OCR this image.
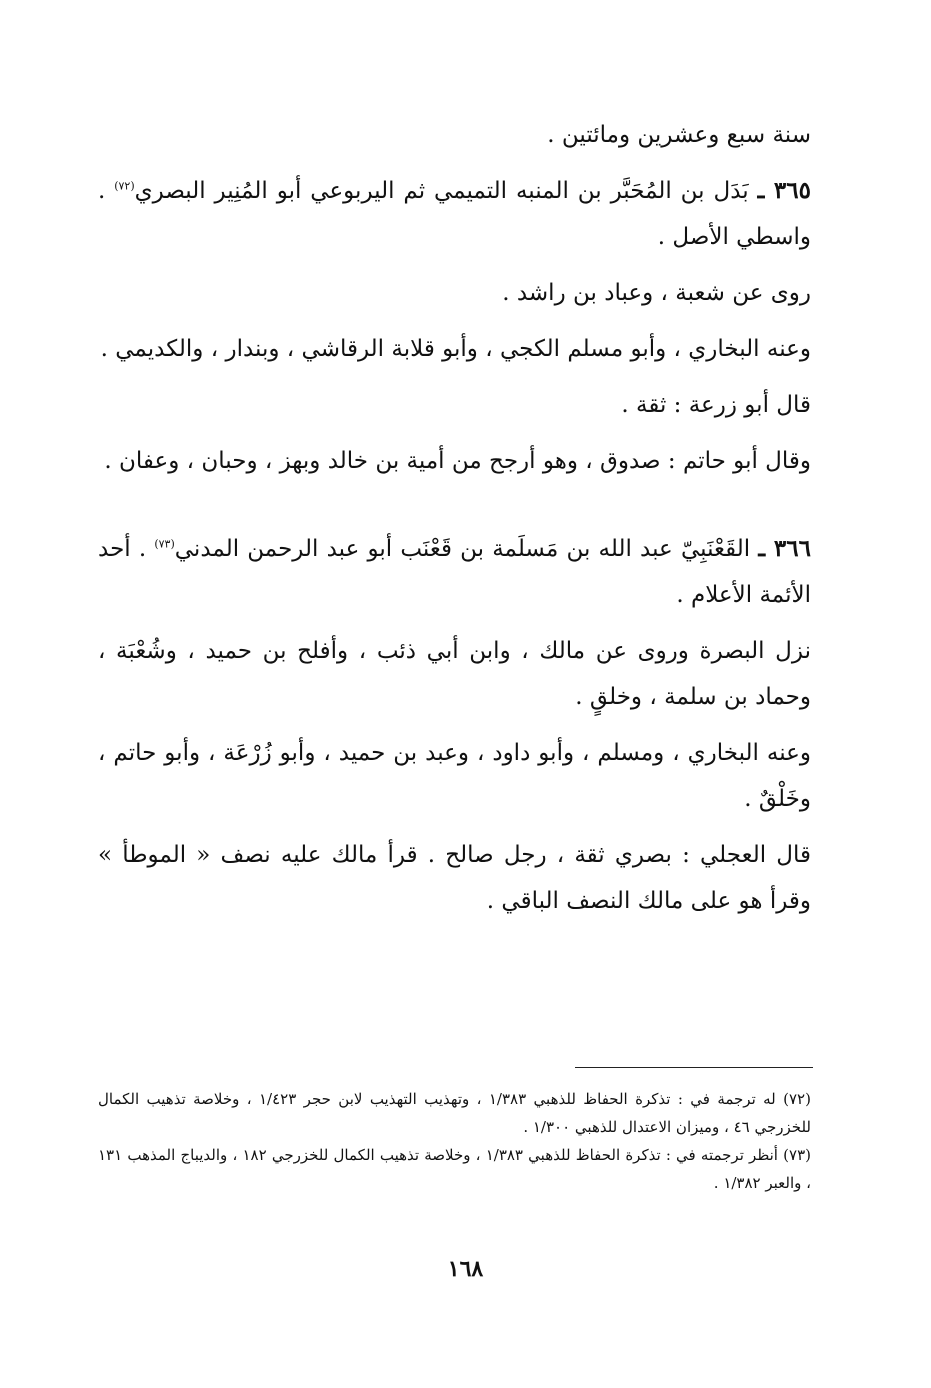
سنة سبع وعشرين ومائتين .

٣٦٥ ـ بَدَل بن المُحَبَّر بن المنبه التميمي ثم اليربوعي أبو المُنِير البصري$^{(٧٢)}$ . واسطي الأصل .

روى عن شعبة ، وعباد بن راشد .

وعنه البخاري ، وأبو مسلم الكجي ، وأبو قلابة الرقاشي ، وبندار ، والكديمي .

قال أبو زرعة : ثقة .

وقال أبو حاتم : صدوق ، وهو أرجح من أمية بن خالد وبهز ، وحبان ، وعفان .

٣٦٦ ـ القَعْنَبِيّ عبد الله بن مَسلَمة بن قَعْنَب أبو عبد الرحمن المدني$^{(٧٣)}$ . أحد الأئمة الأعلام .

نزل البصرة وروى عن مالك ، وابن أبي ذئب ، وأفلح بن حميد ، وشُعْبَة ، وحماد بن سلمة ، وخلقٍ .

وعنه البخاري ، ومسلم ، وأبو داود ، وعبد بن حميد ، وأبو زُرْعَة ، وأبو حاتم ، وخَلْقٌ .

قال العجلي : بصري ثقة ، رجل صالح . قرأ مالك عليه نصف « الموطأ » وقرأ هو على مالك النصف الباقي .

(٧٢) له ترجمة في : تذكرة الحفاظ للذهبي ١/٣٨٣ ، وتهذيب التهذيب لابن حجر ١/٤٢٣ ، وخلاصة تذهيب الكمال للخزرجي ٤٦ ، وميزان الاعتدال للذهبي ١/٣٠٠ .

(٧٣) أنظر ترجمته في : تذكرة الحفاظ للذهبي ١/٣٨٣ ، وخلاصة تذهيب الكمال للخزرجي ١٨٢ ، والديباج المذهب ١٣١ ، والعبر ١/٣٨٢ .

١٦٨
